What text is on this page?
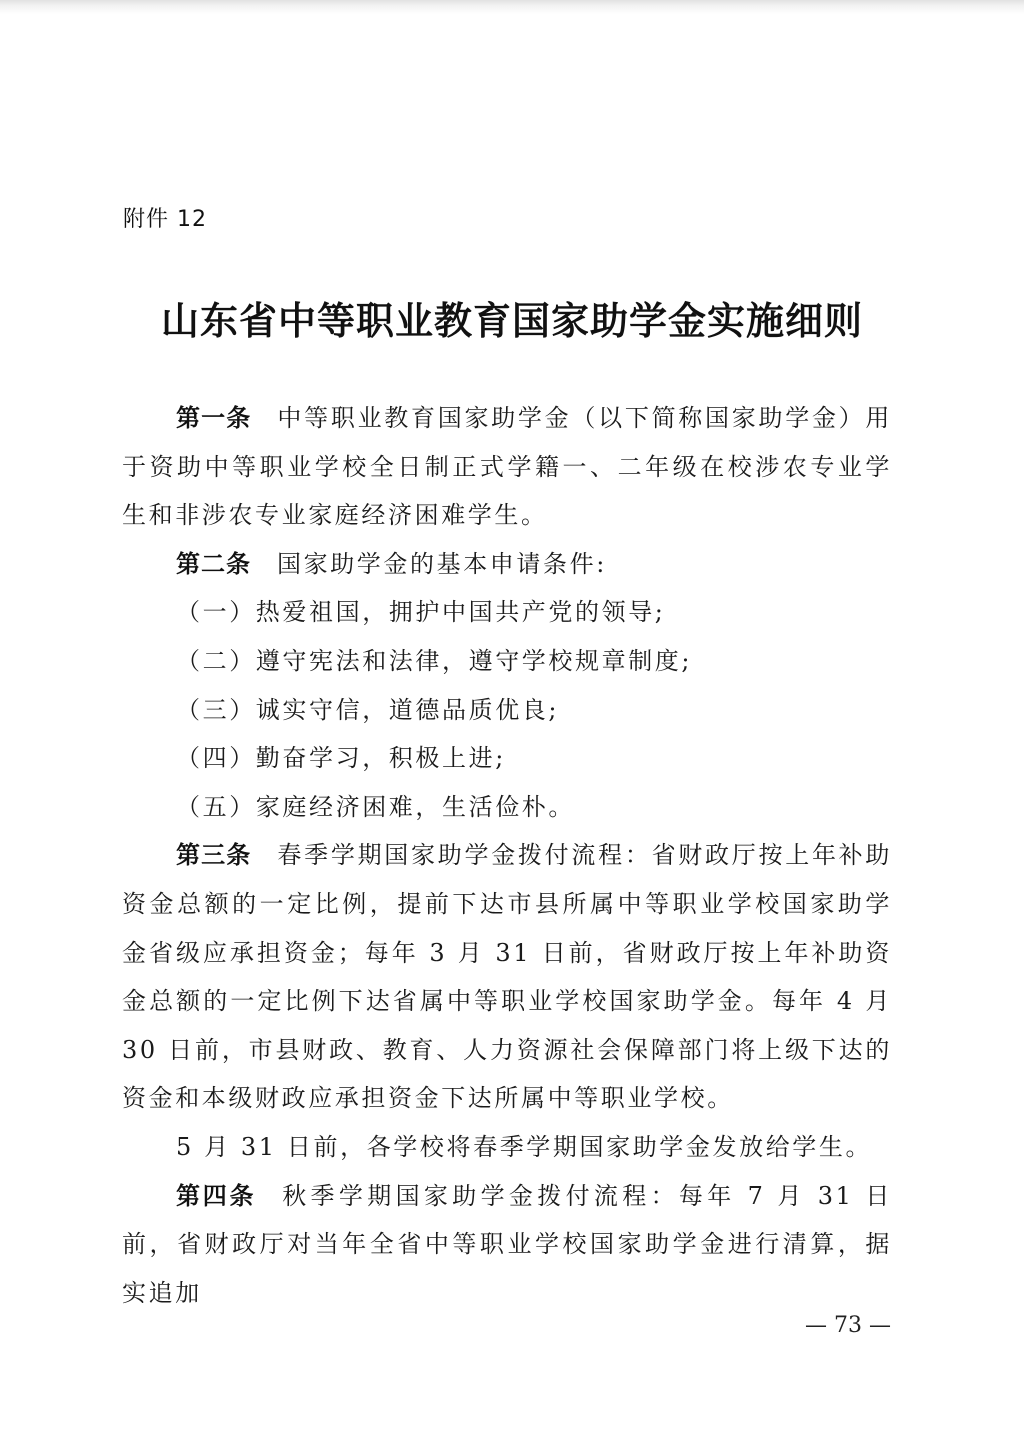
附件 12
山东省中等职业教育国家助学金实施细则

第一条 中等职业教育国家助学金（以下简称国家助学金）用于资助中等职业学校全日制正式学籍一、二年级在校涉农专业学生和非涉农专业家庭经济困难学生。

第二条 国家助学金的基本申请条件:

（一）热爱祖国，拥护中国共产党的领导;

（二）遵守宪法和法律，遵守学校规章制度;

（三）诚实守信，道德品质优良;

（四）勤奋学习，积极上进;

（五）家庭经济困难，生活俭朴。

第三条 春季学期国家助学金拨付流程：省财政厅按上年补助资金总额的一定比例，提前下达市县所属中等职业学校国家助学金省级应承担资金；每年 3 月 31 日前，省财政厅按上年补助资金总额的一定比例下达省属中等职业学校国家助学金。每年 4 月 30 日前，市县财政、教育、人力资源社会保障部门将上级下达的资金和本级财政应承担资金下达所属中等职业学校。

5 月 31 日前，各学校将春季学期国家助学金发放给学生。

第四条 秋季学期国家助学金拨付流程：每年 7 月 31 日前，省财政厅对当年全省中等职业学校国家助学金进行清算，据实追加

— 73 —
